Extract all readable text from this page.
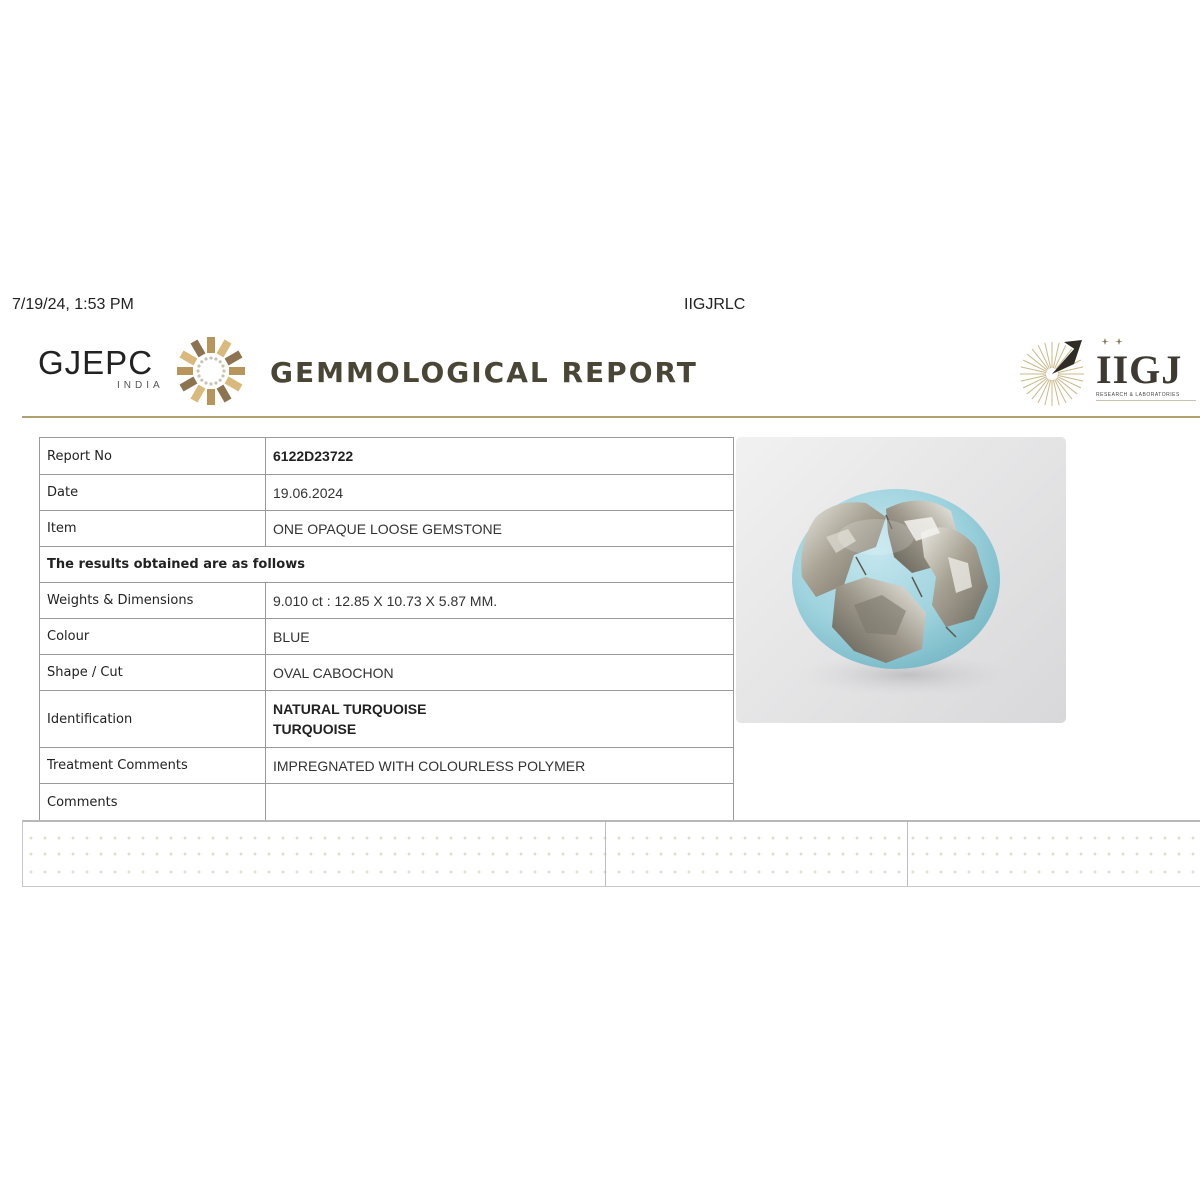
7/19/24, 1:53 PM	IIGJRLC
GJEPC
INDIA	GEMMOLOGICAL REPORT	IIGJ
RESEARCH & LABORATORIES
Report No	6122D23722
Date	19.06.2024
Item	ONE OPAQUE LOOSE GEMSTONE
The results obtained are as follows	
Weights & Dimensions	9.010 ct : 12.85 X 10.73 X 5.87 MM.
Colour	BLUE
Shape / Cut	OVAL CABOCHON
Identification	NATURAL TURQUOISE
TURQUOISE

Treatment Comments	IMPREGNATED WITH COLOURLESS POLYMER
Comments	
